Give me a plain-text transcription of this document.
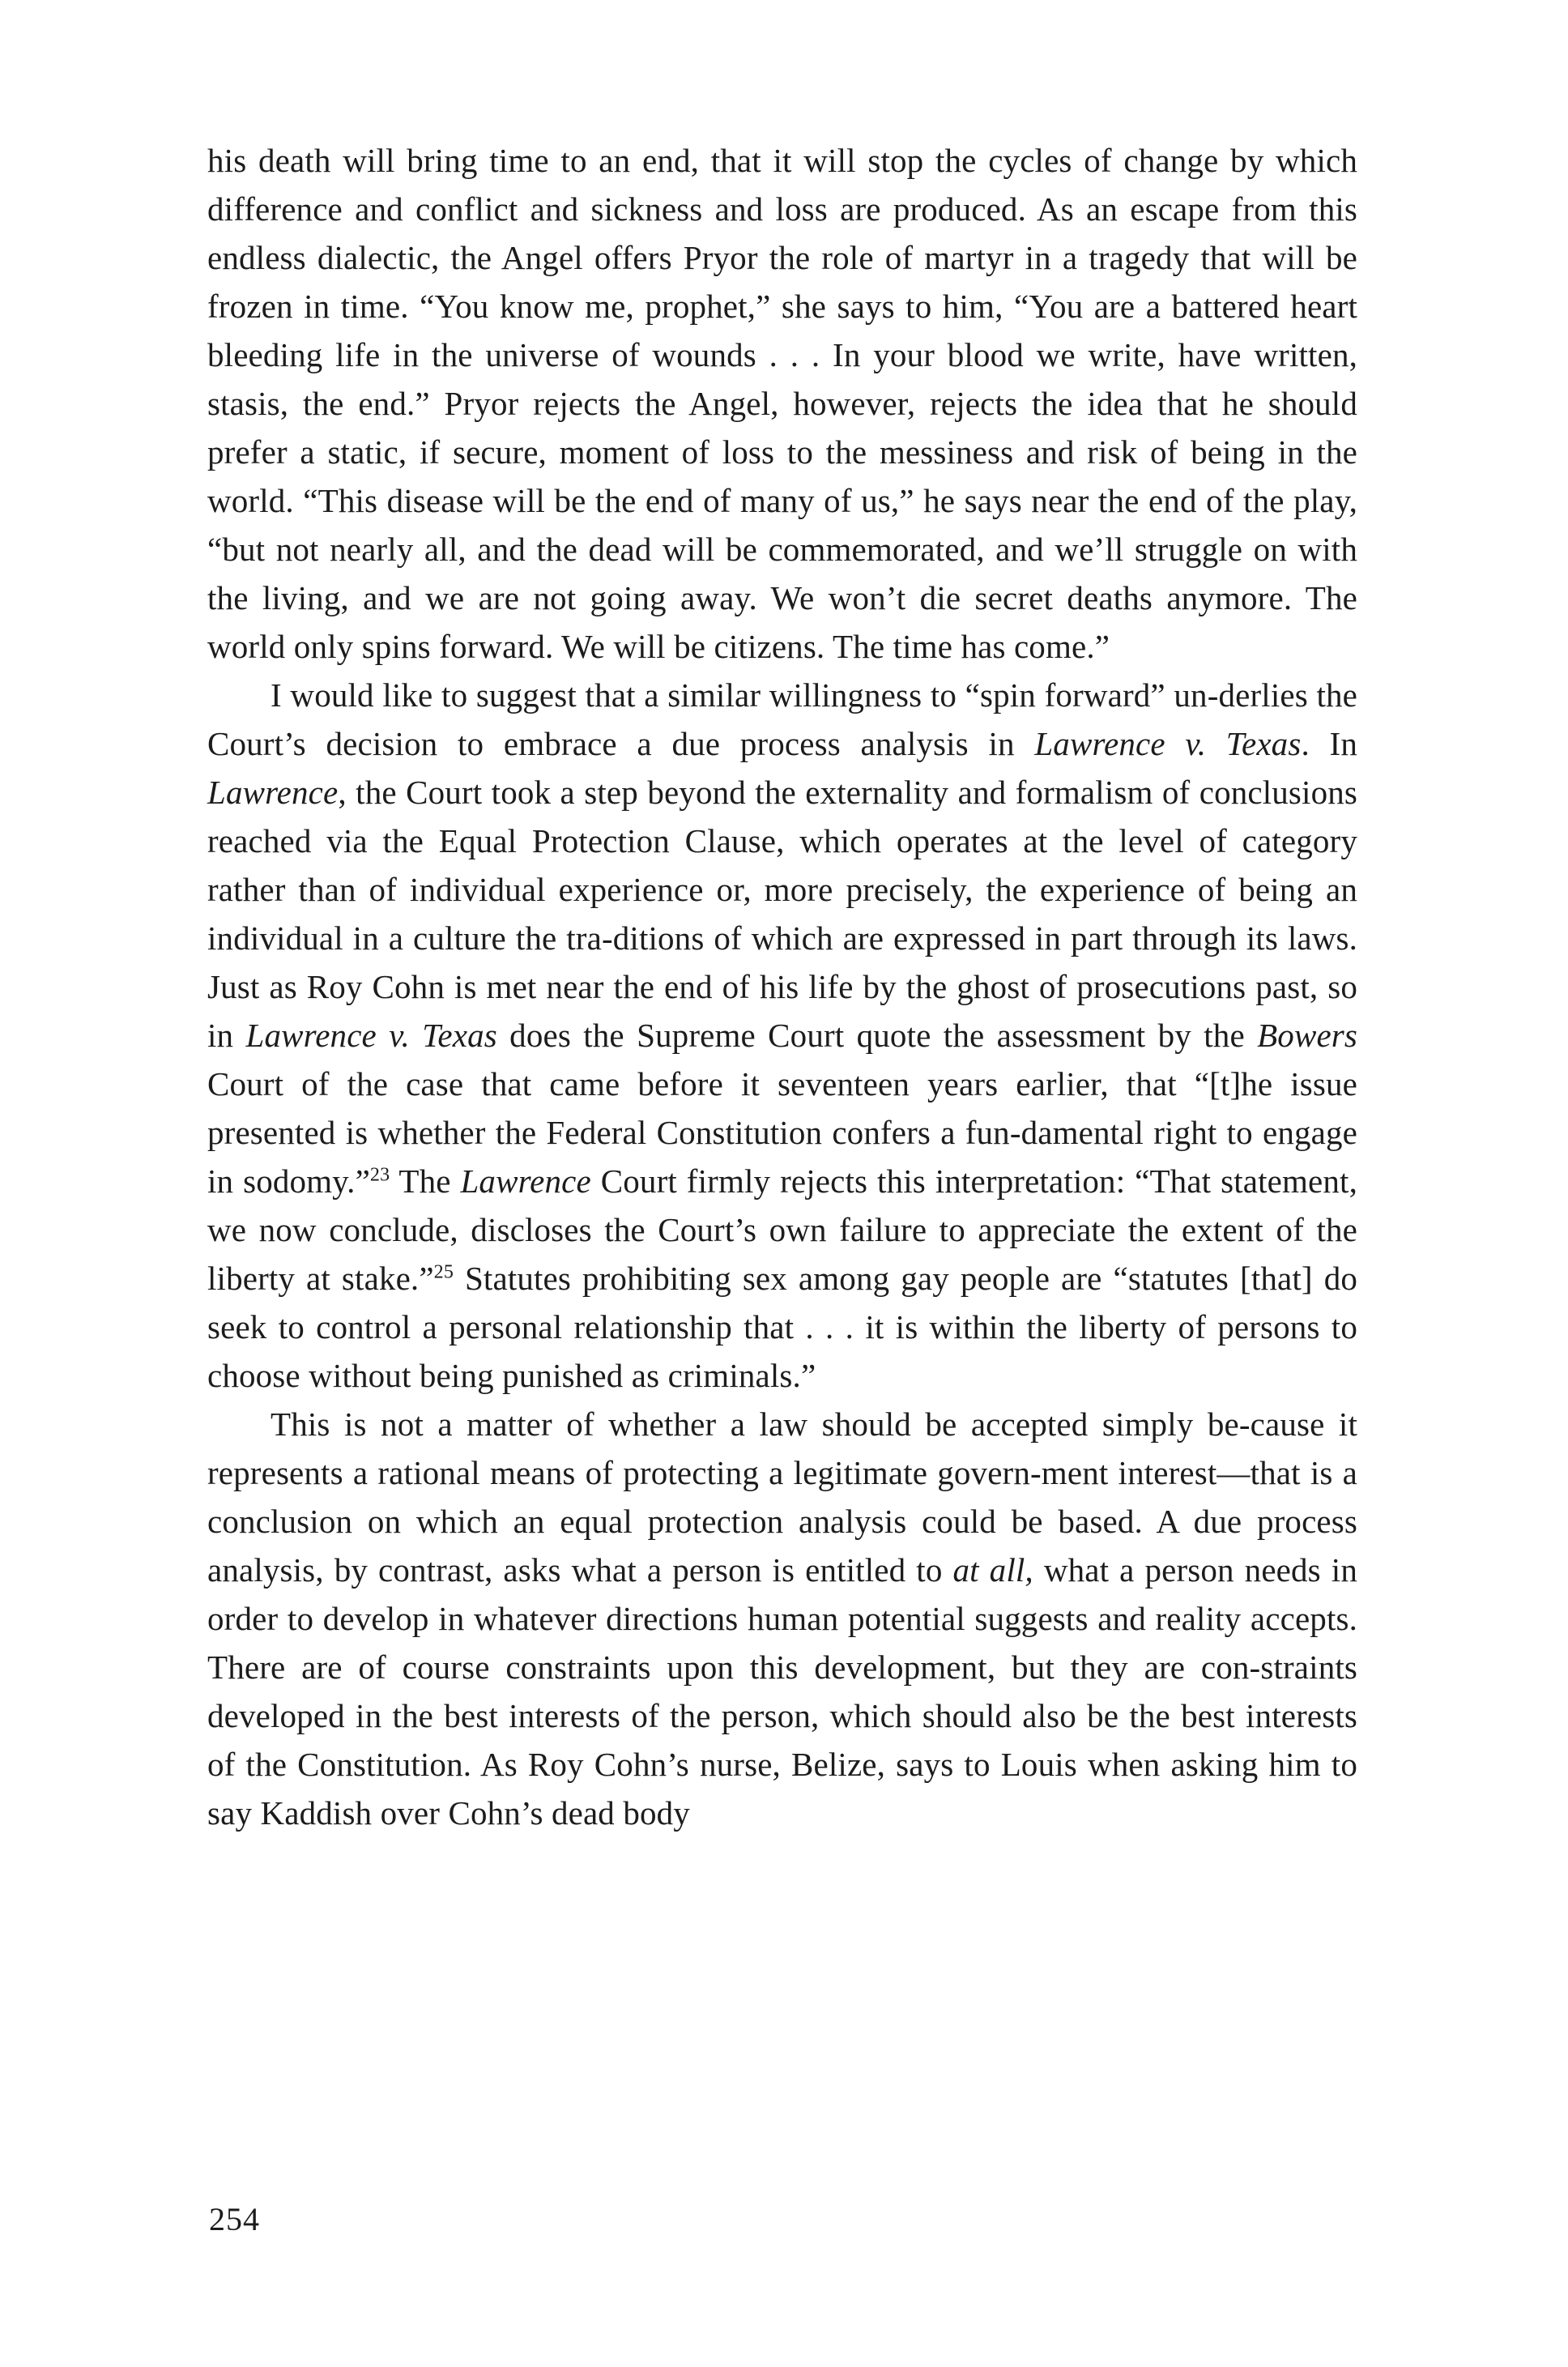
his death will bring time to an end, that it will stop the cycles of change by which difference and conflict and sickness and loss are produced. As an escape from this endless dialectic, the Angel offers Pryor the role of martyr in a tragedy that will be frozen in time. “You know me, prophet,” she says to him, “You are a battered heart bleeding life in the universe of wounds . . . In your blood we write, have written, stasis, the end.” Pryor rejects the Angel, however, rejects the idea that he should prefer a static, if secure, moment of loss to the messiness and risk of being in the world. “This disease will be the end of many of us,” he says near the end of the play, “but not nearly all, and the dead will be commemorated, and we’ll struggle on with the living, and we are not going away. We won’t die secret deaths anymore. The world only spins forward. We will be citizens. The time has come.”

I would like to suggest that a similar willingness to “spin forward” un-derlies the Court’s decision to embrace a due process analysis in Lawrence v. Texas. In Lawrence, the Court took a step beyond the externality and formalism of conclusions reached via the Equal Protection Clause, which operates at the level of category rather than of individual experience or, more precisely, the experience of being an individual in a culture the tra-ditions of which are expressed in part through its laws. Just as Roy Cohn is met near the end of his life by the ghost of prosecutions past, so in Lawrence v. Texas does the Supreme Court quote the assessment by the Bowers Court of the case that came before it seventeen years earlier, that “[t]he issue presented is whether the Federal Constitution confers a fun-damental right to engage in sodomy.”$^{23}$ The Lawrence Court firmly rejects this interpretation: “That statement, we now conclude, discloses the Court’s own failure to appreciate the extent of the liberty at stake.”$^{25}$ Statutes prohibiting sex among gay people are “statutes [that] do seek to control a personal relationship that . . . it is within the liberty of persons to choose without being punished as criminals.”

This is not a matter of whether a law should be accepted simply be-cause it represents a rational means of protecting a legitimate govern-ment interest—that is a conclusion on which an equal protection analysis could be based. A due process analysis, by contrast, asks what a person is entitled to at all, what a person needs in order to develop in whatever directions human potential suggests and reality accepts. There are of course constraints upon this development, but they are con-straints developed in the best interests of the person, which should also be the best interests of the Constitution. As Roy Cohn’s nurse, Belize, says to Louis when asking him to say Kaddish over Cohn’s dead body

254
